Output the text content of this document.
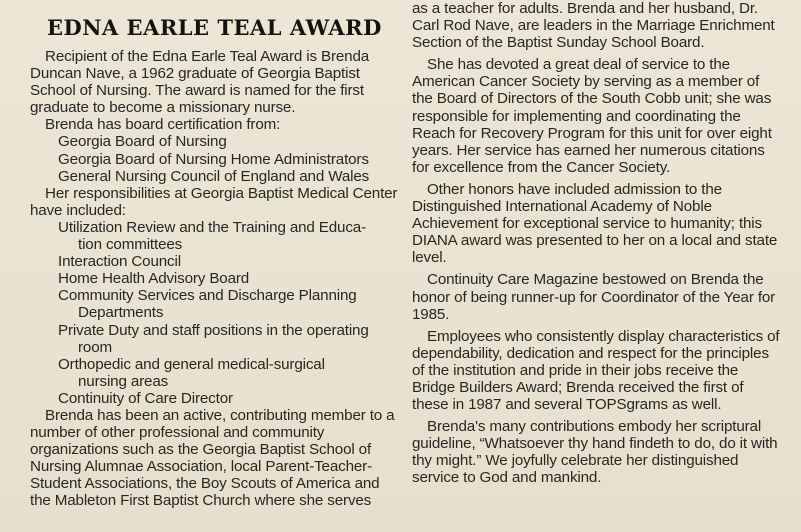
EDNA EARLE TEAL AWARD

Recipient of the Edna Earle Teal Award is Brenda Duncan Nave, a 1962 graduate of Georgia Baptist School of Nursing. The award is named for the first graduate to become a missionary nurse.

Brenda has board certification from:

Georgia Board of Nursing
Georgia Board of Nursing Home Administrators
General Nursing Council of England and Wales

Her responsibilities at Georgia Baptist Medical Center have included:

Utilization Review and the Training and Educa-
tion committees
Interaction Council
Home Health Advisory Board
Community Services and Discharge Planning
Departments
Private Duty and staff positions in the operating
room
Orthopedic and general medical-surgical
nursing areas
Continuity of Care Director

Brenda has been an active, contributing member to a number of other professional and community organizations such as the Georgia Baptist School of Nursing Alumnae Association, local Parent-Teacher-Student Associations, the Boy Scouts of America and the Mableton First Baptist Church where she serves

as a teacher for adults. Brenda and her husband, Dr. Carl Rod Nave, are leaders in the Marriage Enrichment Section of the Baptist Sunday School Board.

She has devoted a great deal of service to the American Cancer Society by serving as a member of the Board of Directors of the South Cobb unit; she was responsible for implementing and coordinating the Reach for Recovery Program for this unit for over eight years. Her service has earned her numerous citations for excellence from the Cancer Society.

Other honors have included admission to the Distinguished International Academy of Noble Achievement for exceptional service to humanity; this DIANA award was presented to her on a local and state level.

Continuity Care Magazine bestowed on Brenda the honor of being runner-up for Coordinator of the Year for 1985.

Employees who consistently display characteristics of dependability, dedication and respect for the principles of the institution and pride in their jobs receive the Bridge Builders Award; Brenda received the first of these in 1987 and several TOPSgrams as well.

Brenda's many contributions embody her scriptural guideline, “Whatsoever thy hand findeth to do, do it with thy might.” We joyfully celebrate her distinguished service to God and mankind.
